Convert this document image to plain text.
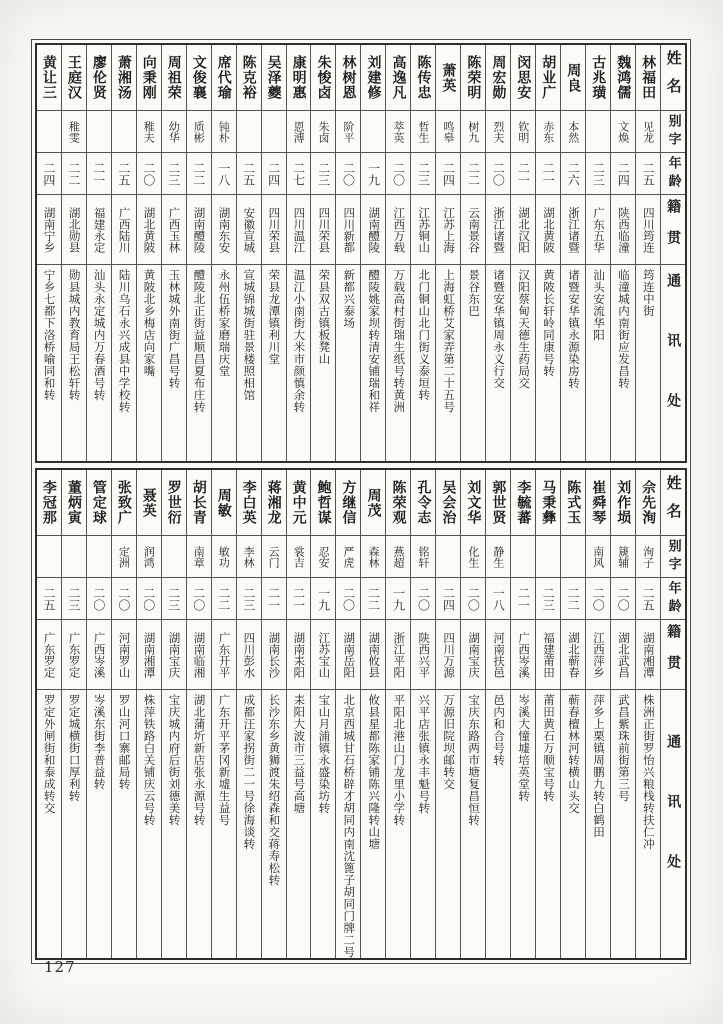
姓名
别字
年龄
籍贯
通讯处
林福田
见龙
二五
四川筠连
筠连中街
魏鸿儒
文焕
二四
陕西临潼
临潼城内南街应发昌转
古兆璜
二三
广东五华
汕头安流华阳
周良
本然
二六
浙江诸暨
诸暨安华镇永源染房转
胡业广
赤东
二一
湖北黄陂
黄陂长轩岭同康号转
闵思安
钦明
二一
湖北汉阳
汉阳蔡甸天德生药局交
周宏勋
烈夫
二〇
浙江诸暨
诸暨安华镇周永义行交
陈荣明
树九
二二
云南景谷
景谷东巴
萧英
鸣皋
二四
江苏上海
上海虹桥艾家弄第二十五号
陈传忠
哲生
二三
江苏铜山
北门铜山北门街义泰垣转
高逸凡
萃英
二〇
江西万载
万载高村街瑞生纸号转黄洲
刘建修
一九
湖南醴陵
醴陵姚家坝转清安铺瑞和祥
林树恩
阶平
二〇
四川新都
新都兴泰场
朱悛卤
朱卤
二三
四川荣县
荣县双古镇板凳山
康明惠
恩溥
二七
四川温江
温江小南街大米市颜慎余转
吴泽夔
二四
四川荣县
荣县龙潭镇利川堂
陈克裕
二五
安徽宣城
宣城锦城街驻景楼照相馆
席代瑜
钝朴
一八
湖南东安
永州伍桥家磨瑞庆堂
文俊襄
质彬
二二
湖南醴陵
醴陵北正街益顺昌夏布庄转
周祖荣
幼华
二三
广西玉林
玉林城外南街广昌号转
向秉刚
稚夫
二〇
湖北黄陂
黄陂北乡梅店向家嘴
萧湘汤
二五
广西陆川
陆川乌石永兴成县中学校转
廖伦贤
二一
福建永定
汕头永定城内万春酒号转
王庭汉
稚雯
二二
湖北勋县
勋县城内教育局王松轩转
黄让三
二四
湖南宁乡
宁乡七都下洛桥喻同和转
姓名
别字
年龄
籍贯
通讯处
佘先洵
洵子
二五
湖南湘潭
株洲正街罗怡兴粮栈转扶仁冲
刘作埙
篪辅
二〇
湖北武昌
武昌紫珠前街第三号
崔舜琴
南风
二〇
江西萍乡
萍乡上栗镇周鹏九转白鹤田
陈式玉
二二
湖北蕲春
蕲春檀林河转横山头交
马秉彝
二三
福建莆田
莆田黄石万顺宝号转
李毓蕃
二一
广西岑溪
岑溪大憧墟培英堂转
郭世贤
静生
一八
河南扶邑
邑内和合号转
刘文华
化生
二〇
湖南宝庆
宝庆东路两市塘复昌恒转
吴会治
二四
四川万源
万源旧院坝邮转交
孔令志
铭轩
二〇
陕西兴平
兴平店张镇永丰魁号转
陈荣观
燕超
一九
浙江平阳
平阳北港山门龙里小学转
周茂
森林
二二
湖南攸县
攸县星都陈家铺陈兴隆转山塘
方继信
严虎
二〇
湖南岳阳
北京西城甘石桥辟才胡同内南沈篦子胡同门牌二号
鲍哲谋
忍安
一九
江苏宝山
宝山月浦镇永盛染坊转
黄中元
裳吉
二一
湖南耒阳
耒阳大波市三益号高塘
蒋湘龙
云门
二一
湖南长沙
长沙东乡黄狮渡朱绍森和交蒋寿松转
李白英
李林
二三
四川彭水
成都汪家拐街二一号徐海谈转
周敏
敏功
二二
广东开平
广东开平茅冈新墟生益号
胡长青
南章
二〇
湖南临湘
湖北蒲圻新店张永源号转
罗世衍
二三
湖南宝庆
宝庆城内府后街刘德美转
聂英
润鸿
二〇
湖南湘潭
株萍铁路白关铺庆云号转
张致广
定洲
二〇
河南罗山
罗山河口寨邮局转
管定球
二〇
广西岑溪
岑溪东街李普益转
董炳寅
二三
广东罗定
罗定城横街口厚利转
李冠那
二五
广东罗定
罗定外闸街和泰成转交
127
